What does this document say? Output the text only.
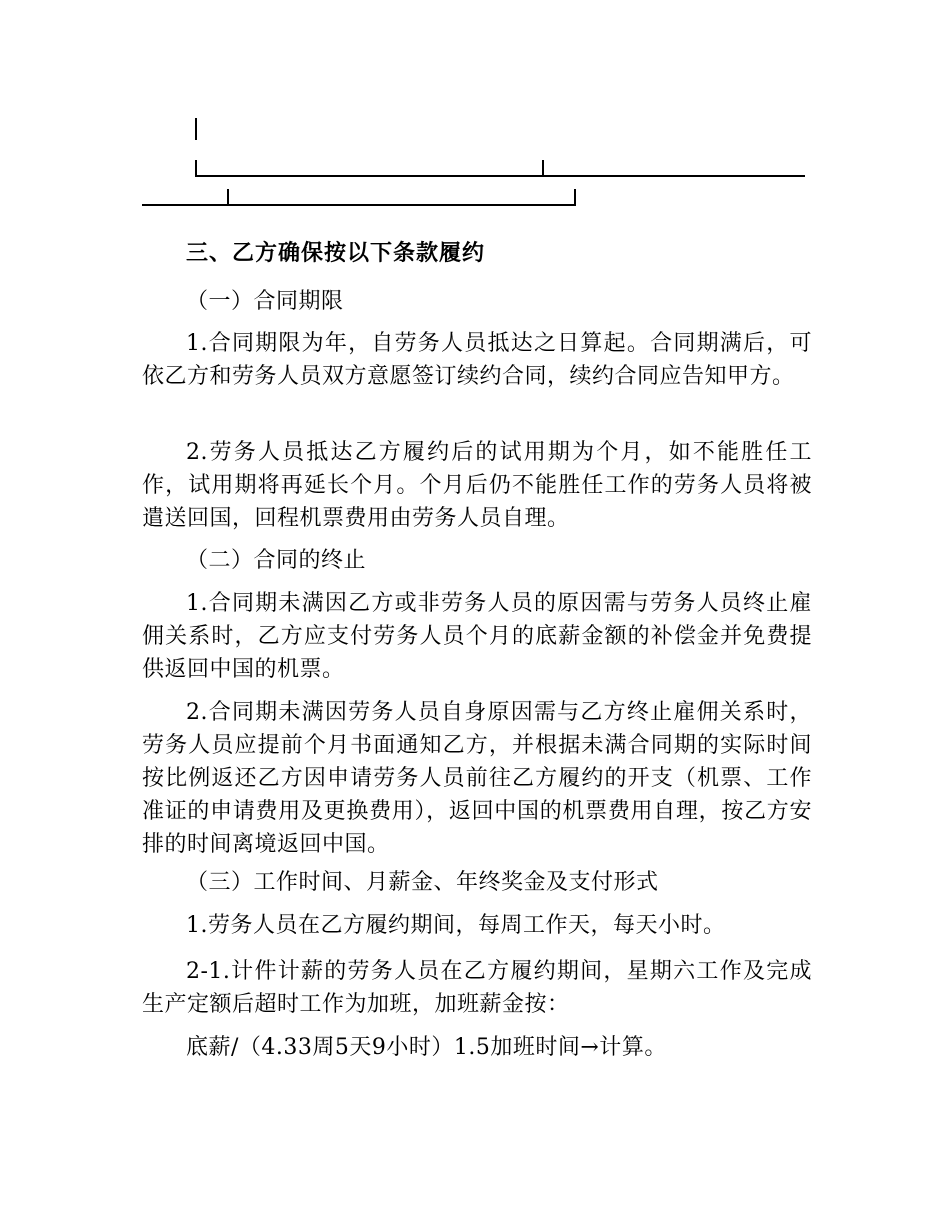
三、乙方确保按以下条款履约
（一）合同期限
1.合同期限为年，自劳务人员抵达之日算起。合同期满后，可依乙方和劳务人员双方意愿签订续约合同，续约合同应告知甲方。
2.劳务人员抵达乙方履约后的试用期为个月，如不能胜任工作，试用期将再延长个月。个月后仍不能胜任工作的劳务人员将被遣送回国，回程机票费用由劳务人员自理。
（二）合同的终止
1.合同期未满因乙方或非劳务人员的原因需与劳务人员终止雇佣关系时，乙方应支付劳务人员个月的底薪金额的补偿金并免费提供返回中国的机票。
2.合同期未满因劳务人员自身原因需与乙方终止雇佣关系时，劳务人员应提前个月书面通知乙方，并根据未满合同期的实际时间按比例返还乙方因申请劳务人员前往乙方履约的开支（机票、工作准证的申请费用及更换费用），返回中国的机票费用自理，按乙方安排的时间离境返回中国。
（三）工作时间、月薪金、年终奖金及支付形式
1.劳务人员在乙方履约期间，每周工作天，每天小时。
2-1.计件计薪的劳务人员在乙方履约期间，星期六工作及完成生产定额后超时工作为加班，加班薪金按：
底薪/（4.33周5天9小时）1.5加班时间→计算。
